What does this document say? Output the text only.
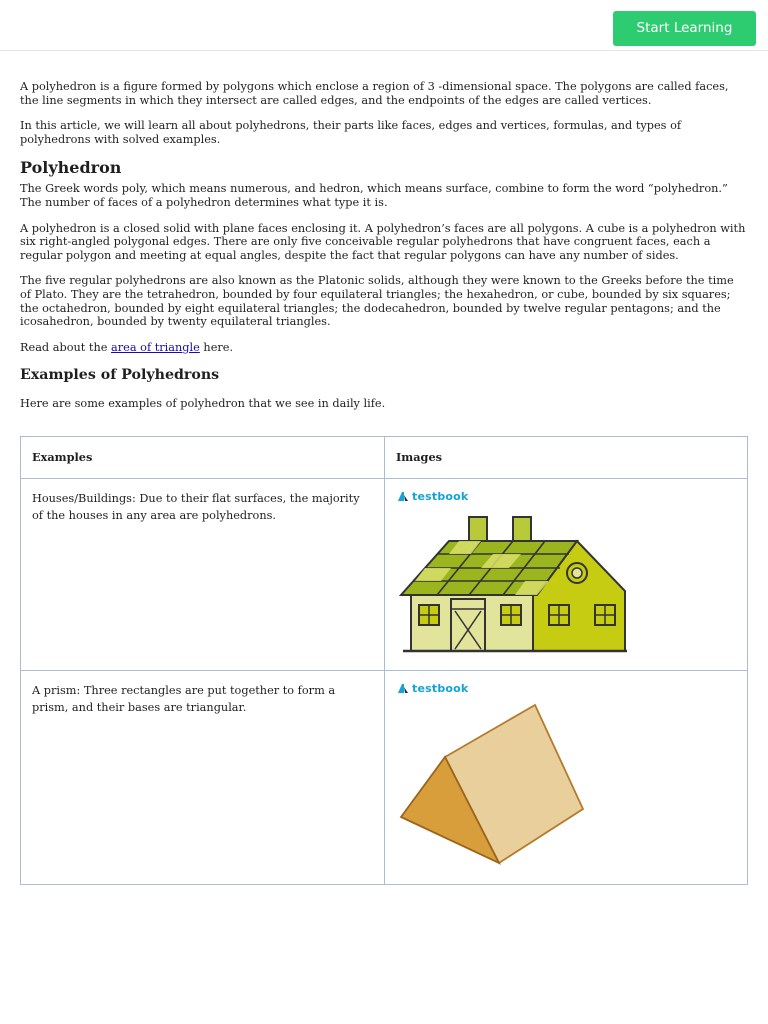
Start Learning

A polyhedron is a figure formed by polygons which enclose a region of 3 -dimensional space. The polygons are called faces, the line segments in which they intersect are called edges, and the endpoints of the edges are called vertices.

In this article, we will learn all about polyhedrons, their parts like faces, edges and vertices, formulas, and types of polyhedrons with solved examples.

Polyhedron

The Greek words poly, which means numerous, and hedron, which means surface, combine to form the word “polyhedron.” The number of faces of a polyhedron determines what type it is.

A polyhedron is a closed solid with plane faces enclosing it. A polyhedron’s faces are all polygons. A cube is a polyhedron with six right-angled polygonal edges. There are only five conceivable regular polyhedrons that have congruent faces, each a regular polygon and meeting at equal angles, despite the fact that regular polygons can have any number of sides.

The five regular polyhedrons are also known as the Platonic solids, although they were known to the Greeks before the time of Plato. They are the tetrahedron, bounded by four equilateral triangles; the hexahedron, or cube, bounded by six squares; the octahedron, bounded by eight equilateral triangles; the dodecahedron, bounded by twelve regular pentagons; and the icosahedron, bounded by twenty equilateral triangles.

Read about the area of triangle here.

Examples of Polyhedrons

Here are some examples of polyhedron that we see in daily life.

Examples	Images
Houses/Buildings: Due to their flat surfaces, the majority of the houses in any area are polyhedrons.	testbook

A prism: Three rectangles are put together to form a prism, and their bases are triangular.	testbook
